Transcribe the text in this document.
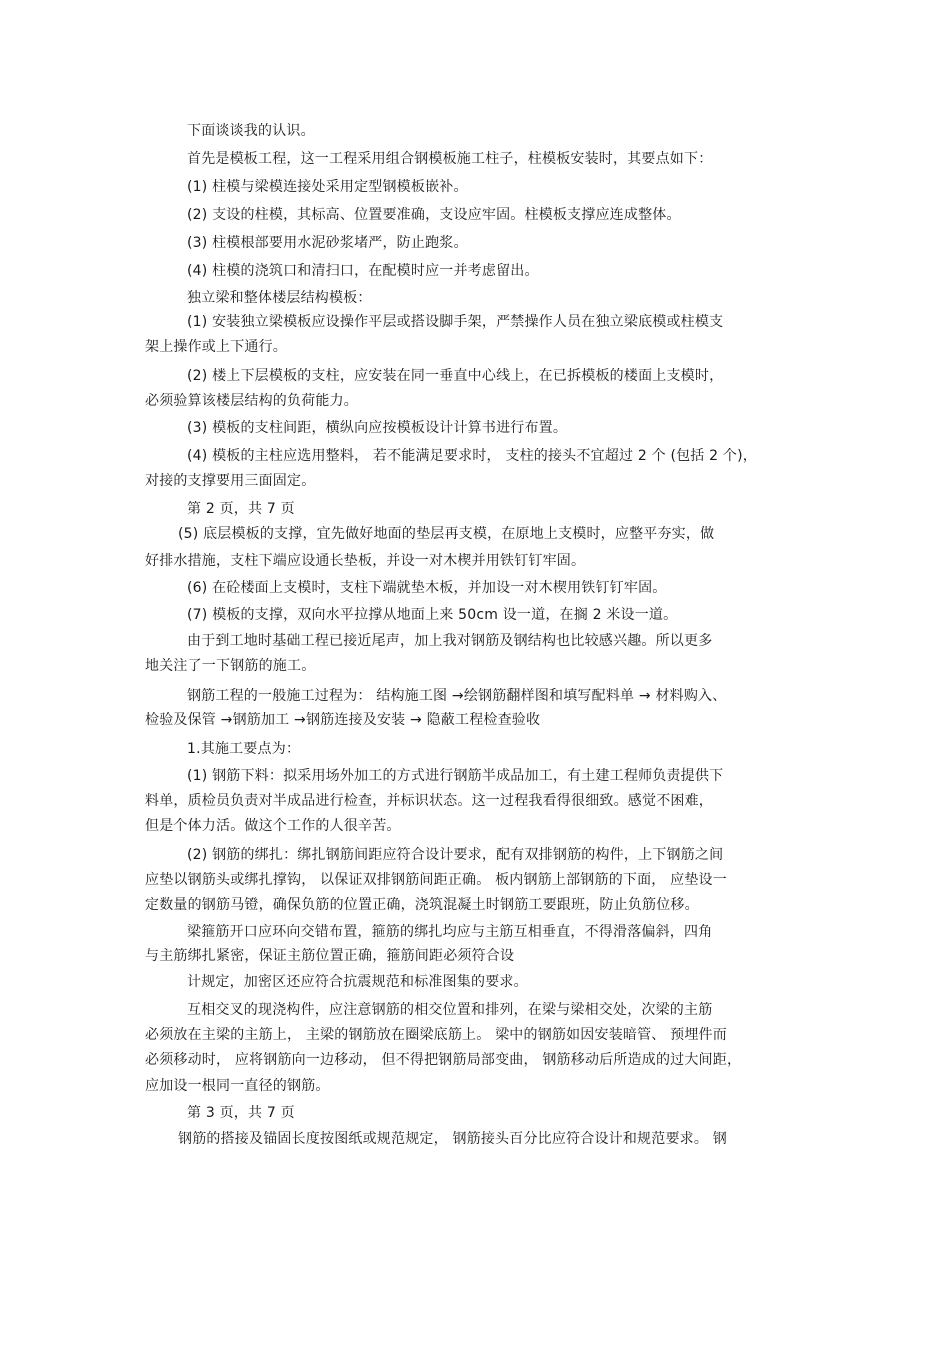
下面谈谈我的认识。

首先是模板工程，这一工程采用组合钢模板施工柱子，柱模板安装时，其要点如下：

(1) 柱模与梁模连接处采用定型钢模板嵌补。

(2) 支设的柱模，其标高、位置要准确，支设应牢固。柱模板支撑应连成整体。

(3) 柱模根部要用水泥砂浆堵严，防止跑浆。

(4) 柱模的浇筑口和清扫口，在配模时应一并考虑留出。

独立梁和整体楼层结构模板：

(1) 安装独立梁模板应设操作平层或搭设脚手架，严禁操作人员在独立梁底模或柱模支

架上操作或上下通行。

(2) 楼上下层模板的支柱，应安装在同一垂直中心线上，在已拆模板的楼面上支模时，

必须验算该楼层结构的负荷能力。

(3) 模板的支柱间距，横纵向应按模板设计计算书进行布置。

(4) 模板的主柱应选用整料， 若不能满足要求时， 支柱的接头不宜超过 2 个 (包括 2 个)，

对接的支撑要用三面固定。

第 2 页，共 7 页

(5) 底层模板的支撑，宜先做好地面的垫层再支模，在原地上支模时，应整平夯实，做

好排水措施，支柱下端应设通长垫板，并设一对木楔并用铁钉钉牢固。

(6) 在砼楼面上支模时，支柱下端就垫木板，并加设一对木楔用铁钉钉牢固。

(7) 模板的支撑，双向水平拉撑从地面上来 50cm 设一道，在搁 2 米设一道。

由于到工地时基础工程已接近尾声，加上我对钢筋及钢结构也比较感兴趣。所以更多

地关注了一下钢筋的施工。

钢筋工程的一般施工过程为： 结构施工图 →绘钢筋翻样图和填写配料单 → 材料购入、

检验及保管 →钢筋加工 →钢筋连接及安装 → 隐蔽工程检查验收

1.其施工要点为：

(1) 钢筋下料：拟采用场外加工的方式进行钢筋半成品加工，有土建工程师负责提供下

料单，质检员负责对半成品进行检查，并标识状态。这一过程我看得很细致。感觉不困难，

但是个体力活。做这个工作的人很辛苦。

(2) 钢筋的绑扎：绑扎钢筋间距应符合设计要求，配有双排钢筋的构件，上下钢筋之间

应垫以钢筋头或绑扎撑钩， 以保证双排钢筋间距正确。 板内钢筋上部钢筋的下面， 应垫设一

定数量的钢筋马镫，确保负筋的位置正确，浇筑混凝土时钢筋工要跟班，防止负筋位移。

梁箍筋开口应环向交错布置，箍筋的绑扎均应与主筋互相垂直，不得滑落偏斜，四角

与主筋绑扎紧密，保证主筋位置正确，箍筋间距必须符合设

计规定，加密区还应符合抗震规范和标准图集的要求。

互相交叉的现浇构件，应注意钢筋的相交位置和排列，在梁与梁相交处，次梁的主筋

必须放在主梁的主筋上， 主梁的钢筋放在圈梁底筋上。 梁中的钢筋如因安装暗管、 预埋件而

必须移动时， 应将钢筋向一边移动， 但不得把钢筋局部变曲， 钢筋移动后所造成的过大间距，

应加设一根同一直径的钢筋。

第 3 页，共 7 页

钢筋的搭接及锚固长度按图纸或规范规定， 钢筋接头百分比应符合设计和规范要求。 钢
